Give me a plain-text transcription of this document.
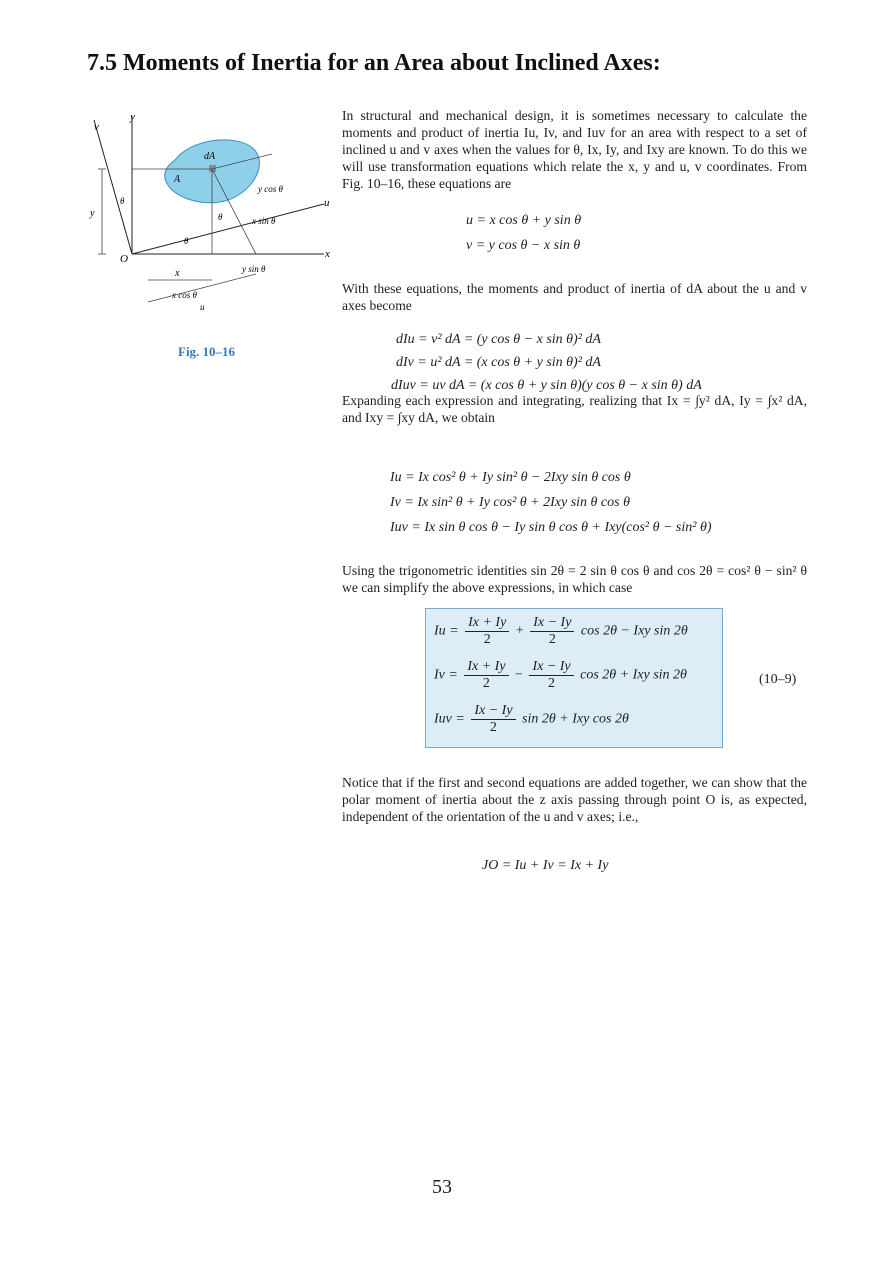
7.5 Moments of Inertia for an Area about Inclined Axes:
v
y
u
x
O
A
dA
y cos θ
x sin θ
y sin θ
x cos θ
θ
θ
θ
y
x
u
Fig. 10–16
In structural and mechanical design, it is sometimes necessary to calculate the moments and product of inertia Iu, Iv, and Iuv for an area with respect to a set of inclined u and v axes when the values for θ, Ix, Iy, and Ixy are known. To do this we will use transformation equations which relate the x, y and u, v coordinates. From Fig. 10–16, these equations are
u = x cos θ + y sin θ
v = y cos θ − x sin θ
With these equations, the moments and product of inertia of dA about the u and v axes become
dIu = v² dA = (y cos θ − x sin θ)² dA
dIv = u² dA = (x cos θ + y sin θ)² dA
dIuv = uv dA = (x cos θ + y sin θ)(y cos θ − x sin θ) dA
Expanding each expression and integrating, realizing that Ix = ∫y² dA, Iy = ∫x² dA, and Ixy = ∫xy dA, we obtain
Iu = Ix cos² θ + Iy sin² θ − 2Ixy sin θ cos θ
Iv = Ix sin² θ + Iy cos² θ + 2Ixy sin θ cos θ
Iuv = Ix sin θ cos θ − Iy sin θ cos θ + Ixy(cos² θ − sin² θ)
Using the trigonometric identities sin 2θ = 2 sin θ cos θ and cos 2θ = cos² θ − sin² θ we can simplify the above expressions, in which case
$Iu = \frac{Ix + Iy}{2} + \frac{Ix - Iy}{2}$ cos 2θ − Ixy sin 2θ
$Iv = \frac{Ix + Iy}{2} - \frac{Ix - Iy}{2}$ cos 2θ + Ixy sin 2θ
Iuv = $\frac{Ix - Iy}{2}$ sin 2θ + Ixy cos 2θ
(10–9)
Notice that if the first and second equations are added together, we can show that the polar moment of inertia about the z axis passing through point O is, as expected, independent of the orientation of the u and v axes; i.e.,
JO = Iu + Iv = Ix + Iy
53
